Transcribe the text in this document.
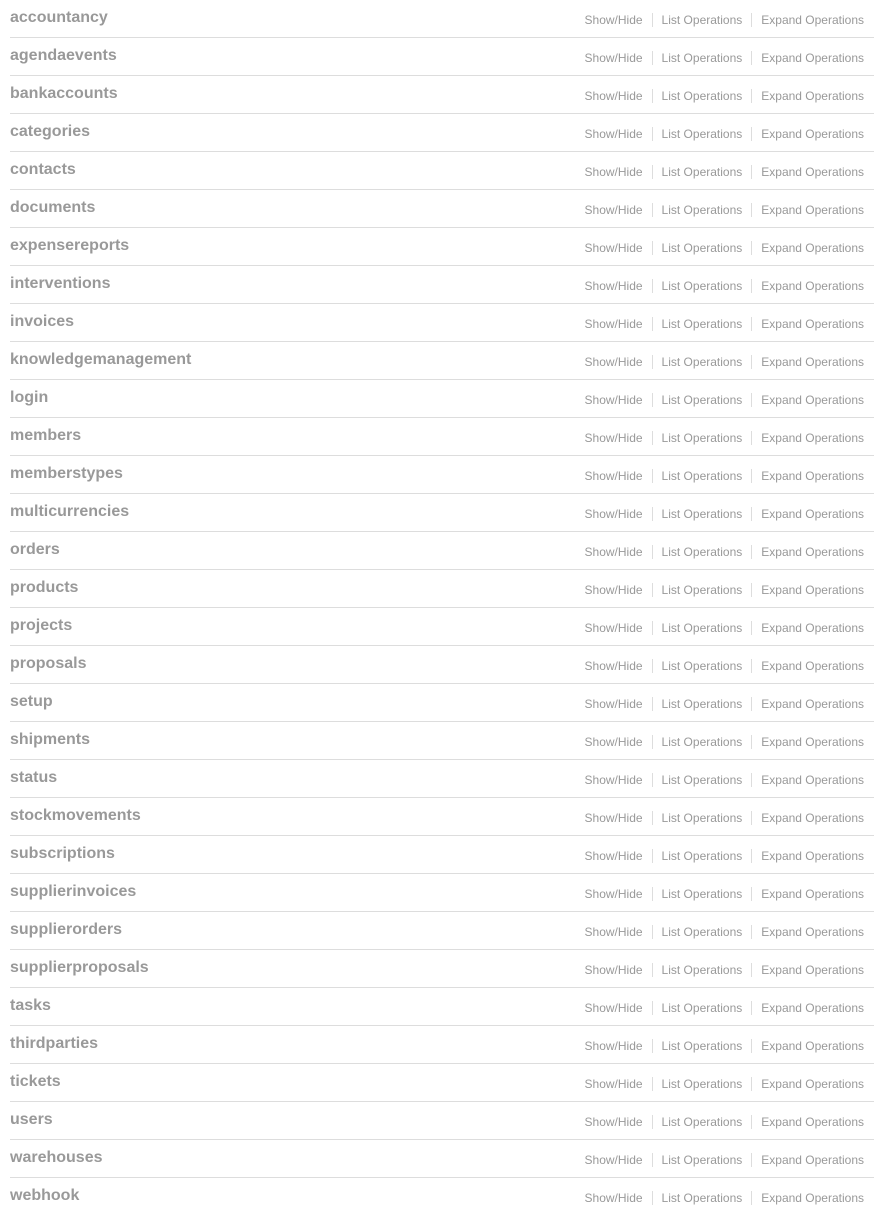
accountancy	Show/Hide	List Operations	Expand Operations
agendaevents	Show/Hide	List Operations	Expand Operations
bankaccounts	Show/Hide	List Operations	Expand Operations
categories	Show/Hide	List Operations	Expand Operations
contacts	Show/Hide	List Operations	Expand Operations
documents	Show/Hide	List Operations	Expand Operations
expensereports	Show/Hide	List Operations	Expand Operations
interventions	Show/Hide	List Operations	Expand Operations
invoices	Show/Hide	List Operations	Expand Operations
knowledgemanagement	Show/Hide	List Operations	Expand Operations
login	Show/Hide	List Operations	Expand Operations
members	Show/Hide	List Operations	Expand Operations
memberstypes	Show/Hide	List Operations	Expand Operations
multicurrencies	Show/Hide	List Operations	Expand Operations
orders	Show/Hide	List Operations	Expand Operations
products	Show/Hide	List Operations	Expand Operations
projects	Show/Hide	List Operations	Expand Operations
proposals	Show/Hide	List Operations	Expand Operations
setup	Show/Hide	List Operations	Expand Operations
shipments	Show/Hide	List Operations	Expand Operations
status	Show/Hide	List Operations	Expand Operations
stockmovements	Show/Hide	List Operations	Expand Operations
subscriptions	Show/Hide	List Operations	Expand Operations
supplierinvoices	Show/Hide	List Operations	Expand Operations
supplierorders	Show/Hide	List Operations	Expand Operations
supplierproposals	Show/Hide	List Operations	Expand Operations
tasks	Show/Hide	List Operations	Expand Operations
thirdparties	Show/Hide	List Operations	Expand Operations
tickets	Show/Hide	List Operations	Expand Operations
users	Show/Hide	List Operations	Expand Operations
warehouses	Show/Hide	List Operations	Expand Operations
webhook	Show/Hide	List Operations	Expand Operations
